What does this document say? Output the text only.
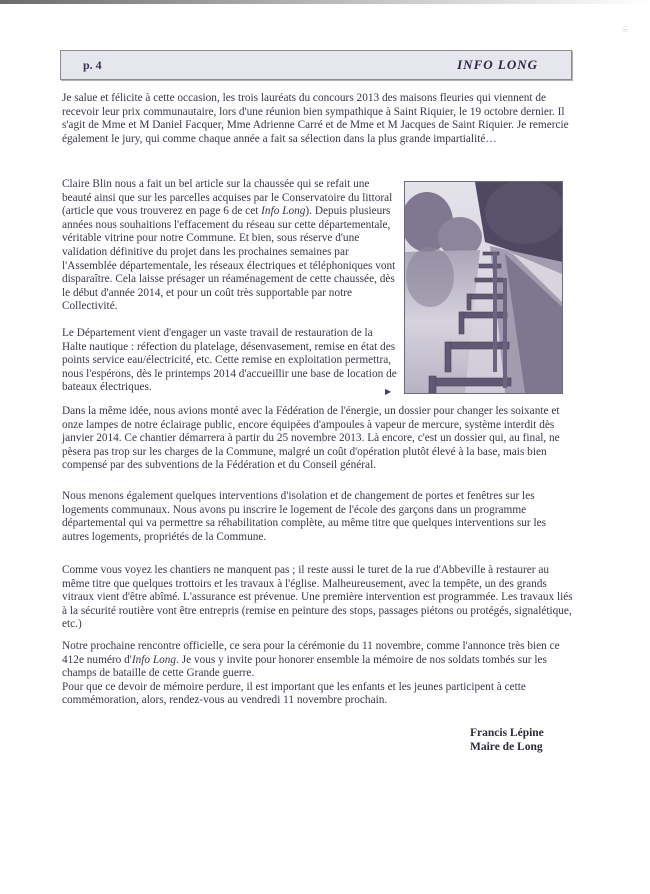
ಽ
p. 4	INFO LONG

Je salue et félicite à cette occasion, les trois lauréats du concours 2013 des maisons fleuries qui viennent de recevoir leur prix communautaire, lors d'une réunion bien sympathique à Saint Riquier, le 19 octobre dernier. Il s'agit de Mme et M Daniel Facquer, Mme Adrienne Carré et de Mme et M Jacques de Saint Riquier. Je remercie également le jury, qui comme chaque année a fait sa sélection dans la plus grande impartialité…

Claire Blin nous a fait un bel article sur la chaussée qui se refait une beauté ainsi que sur les parcelles acquises par le Conservatoire du littoral (article que vous trouverez en page 6 de cet Info Long). Depuis plusieurs années nous souhaitions l'effacement du réseau sur cette départementale, véritable vitrine pour notre Commune. Et bien, sous réserve d'une validation définitive du projet dans les prochaines semaines par l'Assemblée départementale, les réseaux électriques et téléphoniques vont disparaître. Cela laisse présager un réaménagement de cette chaussée, dès le début d'année 2014, et pour un coût très supportable par notre Collectivité.

Le Département vient d'engager un vaste travail de restauration de la Halte nautique : réfection du platelage, désenvasement, remise en état des points service eau/électricité, etc. Cette remise en exploitation permettra, nous l'espérons, dès le printemps 2014 d'accueillir une base de location de bateaux électriques.	▶

Dans la même idée, nous avions monté avec la Fédération de l'énergie, un dossier pour changer les soixante et onze lampes de notre éclairage public, encore équipées d'ampoules à vapeur de mercure, système interdit dès janvier 2014. Ce chantier démarrera à partir du 25 novembre 2013. Là encore, c'est un dossier qui, au final, ne pèsera pas trop sur les charges de la Commune, malgré un coût d'opération plutôt élevé à la base, mais bien compensé par des subventions de la Fédération et du Conseil général.

Nous menons également quelques interventions d'isolation et de changement de portes et fenêtres sur les logements communaux. Nous avons pu inscrire le logement de l'école des garçons dans un programme départemental qui va permettre sa réhabilitation complète, au même titre que quelques interventions sur les autres logements, propriétés de la Commune.

Comme vous voyez les chantiers ne manquent pas ; il reste aussi le turet de la rue d'Abbeville à restaurer au même titre que quelques trottoirs et les travaux à l'église. Malheureusement, avec la tempête, un des grands vitraux vient d'être abîmé. L'assurance est prévenue. Une première intervention est programmée. Les travaux liés à la sécurité routière vont être entrepris (remise en peinture des stops, passages piétons ou protégés, signalétique, etc.)

Notre prochaine rencontre officielle, ce sera pour la cérémonie du 11 novembre, comme l'annonce très bien ce 412e numéro d'Info Long. Je vous y invite pour honorer ensemble la mémoire de nos soldats tombés sur les champs de bataille de cette Grande guerre.
Pour que ce devoir de mémoire perdure, il est important que les enfants et les jeunes participent à cette commémoration, alors, rendez-vous au vendredi 11 novembre prochain.

Francis Lépine
Maire de Long
